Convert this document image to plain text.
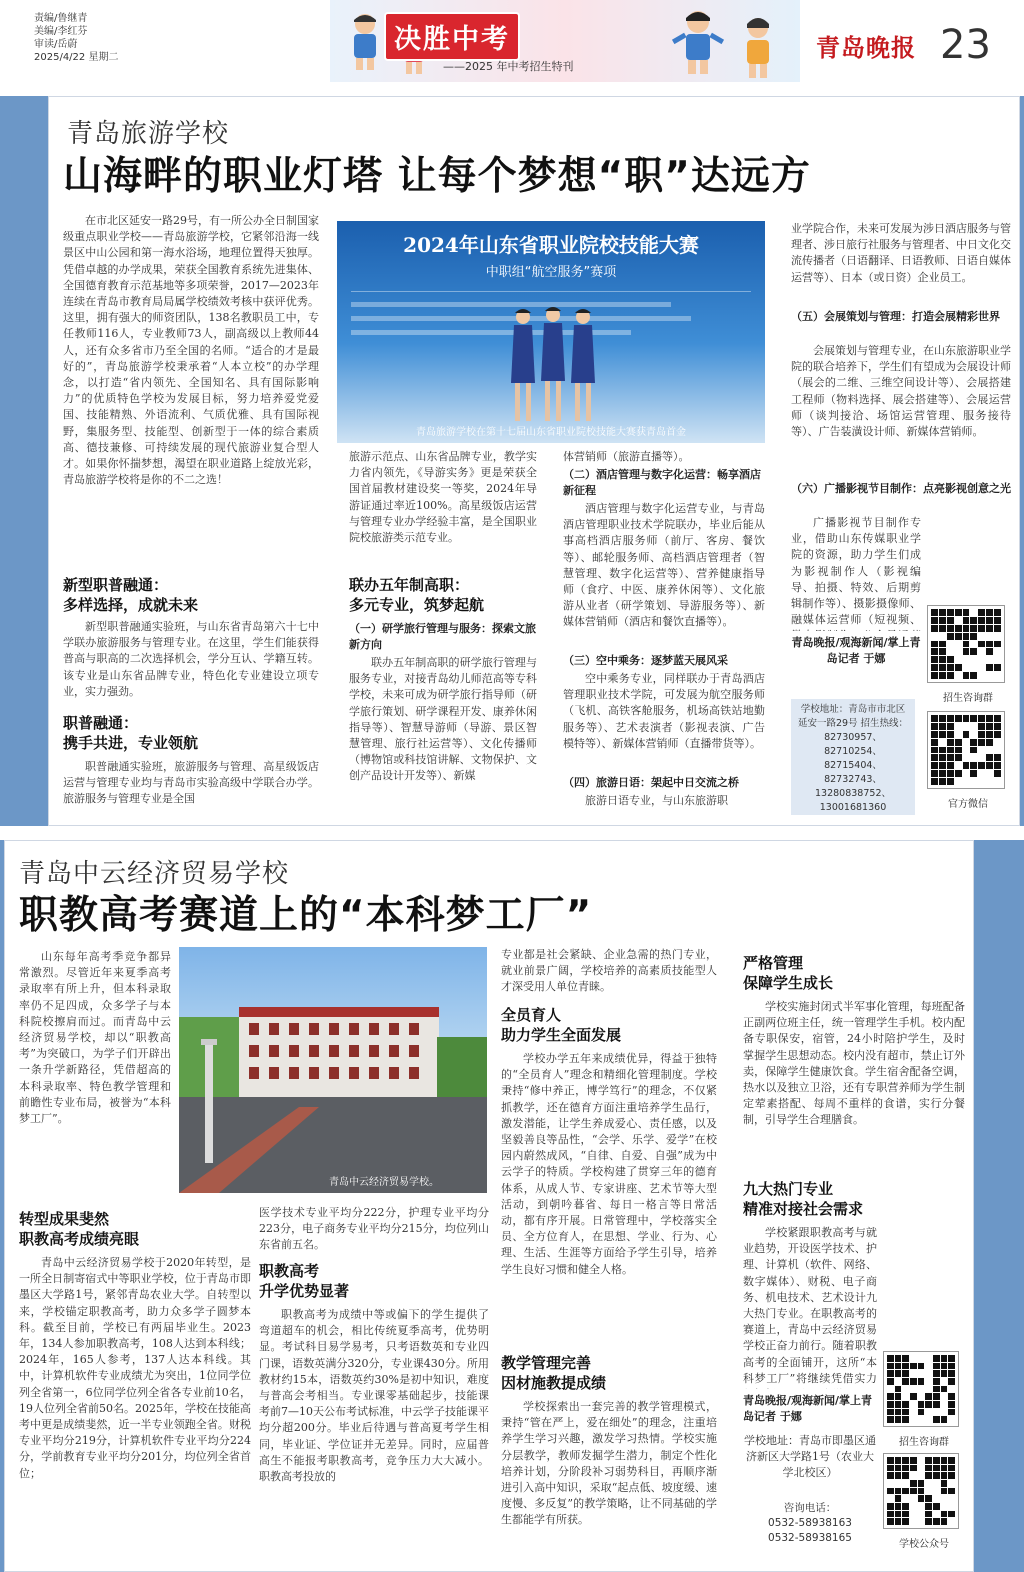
责编/鲁继青
美编/李红芬
审读/岳蔚
2025/4/22 星期二
决胜中考
——2025 年中考招生特刊
青岛晚报 23
青岛旅游学校
山海畔的职业灯塔 让每个梦想“职”达远方
在市北区延安一路29号，有一所公办全日制国家级重点职业学校——青岛旅游学校，它紧邻沿海一线景区中山公园和第一海水浴场，地理位置得天独厚。凭借卓越的办学成果，荣获全国教育系统先进集体、全国德育教育示范基地等多项荣誉，2017—2023年连续在青岛市教育局局属学校绩效考核中获评优秀。这里，拥有强大的师资团队，138名教职员工中，专任教师116人，专业教师73人，副高级以上教师44人，还有众多省市乃至全国的名师。“适合的才是最好的”，青岛旅游学校秉承着“人本立校”的办学理念，以打造“省内领先、全国知名、具有国际影响力”的优质特色学校为发展目标，努力培养爱党爱国、技能精熟、外语流利、气质优雅、具有国际视野，集服务型、技能型、创新型于一体的综合素质高、德技兼修、可持续发展的现代旅游业复合型人才。如果你怀揣梦想，渴望在职业道路上绽放光彩，青岛旅游学校将是你的不二之选！
新型职普融通：
多样选择，成就未来
新型职普融通实验班，与山东省青岛第六十七中学联办旅游服务与管理专业。在这里，学生们能获得普高与职高的二次选择机会，学分互认、学籍互转。该专业是山东省品牌专业，特色化专业建设立项专业，实力强劲。
职普融通：
携手共进，专业领航
职普融通实验班，旅游服务与管理、高星级饭店运营与管理专业均与青岛市实验高级中学联合办学。旅游服务与管理专业是全国
2024年山东省职业院校技能大赛
中职组“航空服务”赛项
青岛旅游学校在第十七届山东省职业院校技能大赛获青岛首金
旅游示范点、山东省品牌专业，教学实力省内领先，《导游实务》更是荣获全国首届教材建设奖一等奖，2024年导游证通过率近100%。高星级饭店运营与管理专业办学经验丰富，是全国职业院校旅游类示范专业。
联办五年制高职：
多元专业，筑梦起航
（一）研学旅行管理与服务：探索文旅新方向
联办五年制高职的研学旅行管理与服务专业，对接青岛幼儿师范高等专科学校，未来可成为研学旅行指导师（研学旅行策划、研学课程开发、康养休闲指导等）、智慧导游师（导游、景区智慧管理、旅行社运营等）、文化传播师（博物馆或科技馆讲解、文物保护、文创产品设计开发等）、新媒
体营销师（旅游直播等）。
（二）酒店管理与数字化运营：畅享酒店新征程
酒店管理与数字化运营专业，与青岛酒店管理职业技术学院联办，毕业后能从事高档酒店服务师（前厅、客房、餐饮等）、邮轮服务师、高档酒店管理者（智慧管理、数字化运营等）、营养健康指导师（食疗、中医、康养休闲等）、文化旅游从业者（研学策划、导游服务等）、新媒体营销师（酒店和餐饮直播等）。
（三）空中乘务：逐梦蓝天展风采
空中乘务专业，同样联办于青岛酒店管理职业技术学院，可发展为航空服务师（飞机、高铁客舱服务，机场高铁站地勤服务等）、艺术表演者（影视表演、广告模特等）、新媒体营销师（直播带货等）。
（四）旅游日语：架起中日交流之桥
旅游日语专业，与山东旅游职
业学院合作，未来可发展为涉日酒店服务与管理者、涉日旅行社服务与管理者、中日文化交流传播者（日语翻译、日语教师、日语自媒体运营等）、日本（或日资）企业员工。
（五）会展策划与管理：打造会展精彩世界
会展策划与管理专业，在山东旅游职业学院的联合培养下，学生们有望成为会展设计师（展会的二维、三维空间设计等）、会展搭建工程师（物料选择、展会搭建等）、会展运营师（谈判接洽、场馆运营管理、服务接待等）、广告装潢设计师、新媒体营销师。
（六）广播影视节目制作：点亮影视创意之光
广播影视节目制作专业，借助山东传媒职业学院的资源，助力学生们成为影视制作人（影视编导、拍摄、特效、后期剪辑制作等）、摄影摄像师、融媒体运营师（短视频、
青岛晚报/观海新闻/掌上青岛记者 于娜
学校地址：青岛市市北区延安一路29号 招生热线：82730957、82710254、82715404、82732743、13280838752、13001681360
招生咨询群
官方微信
青岛中云经济贸易学校
职教高考赛道上的“本科梦工厂”
山东每年高考季竞争都异常激烈。尽管近年来夏季高考录取率有所上升，但本科录取率仍不足四成，众多学子与本科院校擦肩而过。而青岛中云经济贸易学校，却以“职教高考”为突破口，为学子们开辟出一条升学新路径，凭借超高的本科录取率、特色教学管理和前瞻性专业布局，被誉为“本科梦工厂”。
青岛中云经济贸易学校。
转型成果斐然
职教高考成绩亮眼
青岛中云经济贸易学校于2020年转型，是一所全日制寄宿式中等职业学校，位于青岛市即墨区大学路1号，紧邻青岛农业大学。自转型以来，学校锚定职教高考，助力众多学子圆梦本科。截至目前，学校已有两届毕业生。2023年，134人参加职教高考，108人达到本科线；2024年，165人参考，137人达本科线。其中，计算机软件专业成绩尤为突出，1位同学位列全省第一，6位同学位列全省各专业前10名，19人位列全省前50名。2025年，学校在技能高考中更是成绩斐然，近一半专业领跑全省。财税专业平均分219分，计算机软件专业平均分224分，学前教育专业平均分201分，均位列全省首位；
医学技术专业平均分222分，护理专业平均分223分，电子商务专业平均分215分，均位列山东省前五名。
职教高考
升学优势显著
职教高考为成绩中等或偏下的学生提供了弯道超车的机会，相比传统夏季高考，优势明显。考试科目易学易考，只考语数英和专业四门课，语数英满分320分，专业课430分。所用教材约15本，语数英约30%是初中知识，难度与普高会考相当。专业课零基础起步，技能课考前7—10天公布考试标准，中云学子技能课平均分超200分。毕业后待遇与普高夏考学生相同，毕业证、学位证并无差异。同时，应届普高生不能报考职教高考，竞争压力大大减小。职教高考投放的
专业都是社会紧缺、企业急需的热门专业，就业前景广阔，学校培养的高素质技能型人才深受用人单位青睐。
全员育人
助力学生全面发展
学校办学五年来成绩优异，得益于独特的“全员育人”理念和精细化管理制度。学校秉持“修中养正，博学笃行”的理念，不仅紧抓教学，还在德育方面注重培养学生品行，激发潜能，让学生养成爱心、责任感，以及坚毅善良等品性，“会学、乐学、爱学”在校园内蔚然成风，“自律、自爱、自强”成为中云学子的特质。学校构建了贯穿三年的德育体系，从成人节、专家讲座、艺术节等大型活动，到朝吟暮省、每日一格言等日常活动，都有序开展。日常管理中，学校落实全员、全方位育人，在思想、学业、行为、心理、生活、生涯等方面给予学生引导，培养学生良好习惯和健全人格。
教学管理完善
因材施教提成绩
学校探索出一套完善的教学管理模式，秉持“管在严上，爱在细处”的理念，注重培养学生学习兴趣，激发学习热情。学校实施分层教学，教师发掘学生潜力，制定个性化培养计划，分阶段补习弱势科目，再顺序渐进引入高中知识，采取“起点低、坡度缓、速度慢、多反复”的教学策略，让不同基础的学生都能学有所获。
严格管理
保障学生成长
学校实施封闭式半军事化管理，每班配备正副两位班主任，统一管理学生手机。校内配备专职保安，宿管，24小时陪护学生，及时掌握学生思想动态。校内没有超市，禁止订外卖，保障学生健康饮食。学生宿舍配备空调，热水以及独立卫浴，还有专职营养师为学生制定荤素搭配、每周不重样的食谱，实行分餐制，引导学生合理膳食。
九大热门专业
精准对接社会需求
学校紧跟职教高考与就业趋势，开设医学技术、护理、计算机（软件、网络、数字媒体）、财税、电子商务、机电技术、艺术设计九大热门专业。在职教高考的赛道上，青岛中云经济贸易学校正奋力前行。随着职教高考的全面铺开，这所“本科梦工厂”将继续凭借实力
青岛晚报/观海新闻/掌上青岛记者 于娜
学校地址：青岛市即墨区通济新区大学路1号（农业大学北校区）
咨询电话：
0532-58938163
0532-58938165
招生咨询群
学校公众号
